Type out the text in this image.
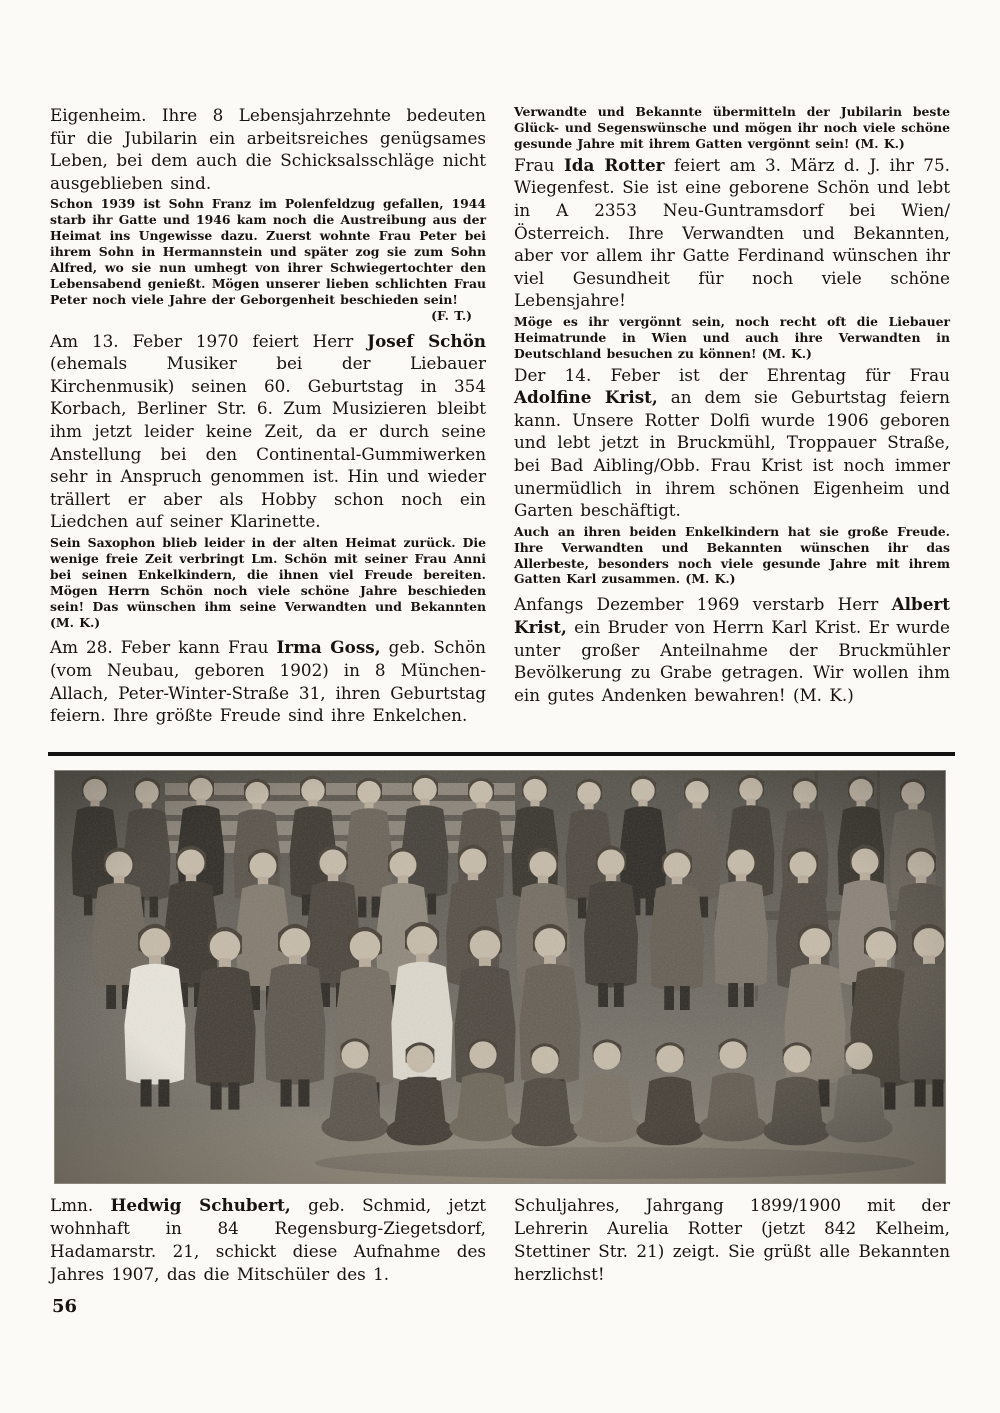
Eigenheim. Ihre 8 Lebensjahrzehnte bedeuten für die Jubilarin ein arbeitsreiches genügsames Leben, bei dem auch die Schicksalsschläge nicht ausgeblieben sind.

Schon 1939 ist Sohn Franz im Polenfeldzug gefallen, 1944 starb ihr Gatte und 1946 kam noch die Austreibung aus der Heimat ins Ungewisse dazu. Zuerst wohnte Frau Peter bei ihrem Sohn in Hermannstein und später zog sie zum Sohn Alfred, wo sie nun umhegt von ihrer Schwiegertochter den Lebensabend genießt. Mögen unserer lieben schlichten Frau Peter noch viele Jahre der Geborgenheit beschieden sein!
(F. T.)

Am 13. Feber 1970 feiert Herr Josef Schön (ehemals Musiker bei der Liebauer Kirchenmusik) seinen 60. Geburtstag in 354 Korbach, Berliner Str. 6. Zum Musizieren bleibt ihm jetzt leider keine Zeit, da er durch seine Anstellung bei den Continental-Gummiwerken sehr in Anspruch genommen ist. Hin und wieder trällert er aber als Hobby schon noch ein Liedchen auf seiner Klarinette.

Sein Saxophon blieb leider in der alten Heimat zurück. Die wenige freie Zeit verbringt Lm. Schön mit seiner Frau Anni bei seinen Enkelkindern, die ihnen viel Freude bereiten. Mögen Herrn Schön noch viele schöne Jahre beschieden sein! Das wünschen ihm seine Verwandten und Bekannten (M. K.)

Am 28. Feber kann Frau Irma Goss, geb. Schön (vom Neubau, geboren 1902) in 8 München-Allach, Peter-Winter-Straße 31, ihren Geburtstag feiern. Ihre größte Freude sind ihre Enkelchen.

Verwandte und Bekannte übermitteln der Jubilarin beste Glück- und Segenswünsche und mögen ihr noch viele schöne gesunde Jahre mit ihrem Gatten vergönnt sein! (M. K.)

Frau Ida Rotter feiert am 3. März d. J. ihr 75. Wiegenfest. Sie ist eine geborene Schön und lebt in A 2353 Neu-Guntramsdorf bei Wien/Österreich. Ihre Verwandten und Bekannten, aber vor allem ihr Gatte Ferdinand wünschen ihr viel Gesundheit für noch viele schöne Lebensjahre!

Möge es ihr vergönnt sein, noch recht oft die Liebauer Heimatrunde in Wien und auch ihre Verwandten in Deutschland besuchen zu können! (M. K.)

Der 14. Feber ist der Ehrentag für Frau Adolfine Krist, an dem sie Geburtstag feiern kann. Unsere Rotter Dolfi wurde 1906 geboren und lebt jetzt in Bruckmühl, Troppauer Straße, bei Bad Aibling/Obb. Frau Krist ist noch immer unermüdlich in ihrem schönen Eigenheim und Garten beschäftigt.

Auch an ihren beiden Enkelkindern hat sie große Freude. Ihre Verwandten und Bekannten wünschen ihr das Allerbeste, besonders noch viele gesunde Jahre mit ihrem Gatten Karl zusammen. (M. K.)

Anfangs Dezember 1969 verstarb Herr Albert Krist, ein Bruder von Herrn Karl Krist. Er wurde unter großer Anteilnahme der Bruckmühler Bevölkerung zu Grabe getragen. Wir wollen ihm ein gutes Andenken bewahren! (M. K.)

Lmn. Hedwig Schubert, geb. Schmid, jetzt wohnhaft in 84 Regensburg-Ziegetsdorf, Hadamarstr. 21, schickt diese Aufnahme des Jahres 1907, das die Mitschüler des 1.

Schuljahres, Jahrgang 1899/1900 mit der Lehrerin Aurelia Rotter (jetzt 842 Kelheim, Stettiner Str. 21) zeigt. Sie grüßt alle Bekannten herzlichst!

56
